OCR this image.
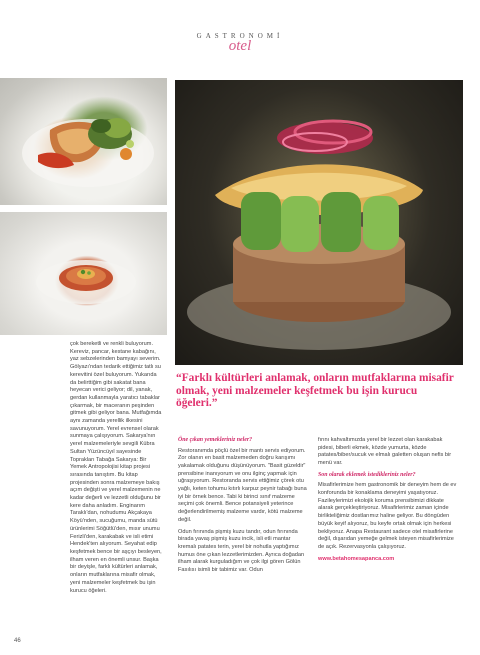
GASTRONOMİ
otel

çok bereketli ve renkli buluyorum. Kereviz, pancar, kestane kabağını, yaz sebzelerinden bamyayı severim. Gölyazı'ndan tedarik ettiğimiz tatlı su kerevitini özel buluyorum. Yukarıda da belirttiğim gibi sakatat bana heyecan verici geliyor; dil, yanak, gerdan kullanmayla yaratıcı tabaklar çıkarmak, bir maceranın peşinden gitmek gibi geliyor bana. Mutfağımda aynı zamanda yerellik ilkesini savunuyorum. Yerel evrensel olarak sunmaya çalışıyorum. Sakarya'nın yerel malzemeleriyle sevgili Kübra Sultan Yüzüncüyıl sayesinde Toprakları Tabağa Sakarya: Bir Yemek Antropolojisi kitap projesi sırasında tanıştım. Bu kitap projesinden sonra malzemeye bakış açım değişti ve yerel malzemenin ne kadar değerli ve lezzetli olduğunu bir kere daha anladım. Enginarım Taraklı'dan, nohudumu Akçakaya Köyü'nden, sucuğumu, manda sütü ürünlerimi Söğütlü'den, mısır unumu Ferizli'den, karakabak ve isli etimi Hendek'ten alıyorum. Seyahat edip keşfetmek bence bir aşçıyı besleyen, ilham veren en önemli unsur. Başka bir deyişle, farklı kültürleri anlamak, onların mutfaklarına misafir olmak, yeni malzemeler keşfetmek bu işin kurucu öğeleri.

“Farklı kültürleri anlamak, onların mutfaklarına misafir olmak, yeni malzemeler keşfetmek bu işin kurucu öğeleri.”
Öne çıkan yemekleriniz neler?

Restoranımda pöçlü özel bir mantı servis ediyorum. Zor olanın en basit malzemeden doğru karışımı yakalamak olduğunu düşünüyorum. "Basit güzeldir" prensibine inanıyorum ve onu ilginç yapmak için uğraşıyorum. Restoranda servis ettiğimiz çörek otu yağlı, keten tohumu kıtırlı karpuz peynir tabağı buna iyi bir örnek bence. Tabi ki birinci sınıf malzeme seçimi çok önemli. Bence potansiyeli yeterince değerlendirilmemiş malzeme vardır, kötü malzeme değil.

Odun fırınında pişmiş kuzu tandır, odun fırınında birada yavaş pişmiş kuzu incik, isli etli mantar kremalı patates terin, yerel bir nohutla yaptığımız humus öne çıkan lezzetlerimizden. Ayrıca doğadan ilham alarak kurguladığım ve çok ilgi gören Gölün Fasılısı isimli bir tabimiz var. Odun

fırını kahvaltımızda yerel bir lezzet olan karakabak pidesi, biberli ekmek, közde yumurta, közde patates/biber/sucuk ve elmalı galetten oluşan nefis bir menü var.

Son olarak eklemek istedikleriniz neler?

Misafirlerimize hem gastronomik bir deneyim hem de ev konforunda bir konaklama deneyimi yaşatıyoruz. Fazileylerimizi ekolojik koruma prensibimizi dikkate alarak gerçekleştiriyoruz. Misafirlerimiz zaman içinde birlikteliğimiz dostlarımız haline geliyor. Bu döngüden büyük keyif alıyoruz, bu keyfe ortak olmak için herkesi bekliyoruz. Anapa Restaurant sadece otel misafirlerine değil, dışarıdan yemeğe gelmek isteyen misafirlerimize de açık. Rezervasyonla çalışıyoruz.

www.betahomesapanca.com
46
